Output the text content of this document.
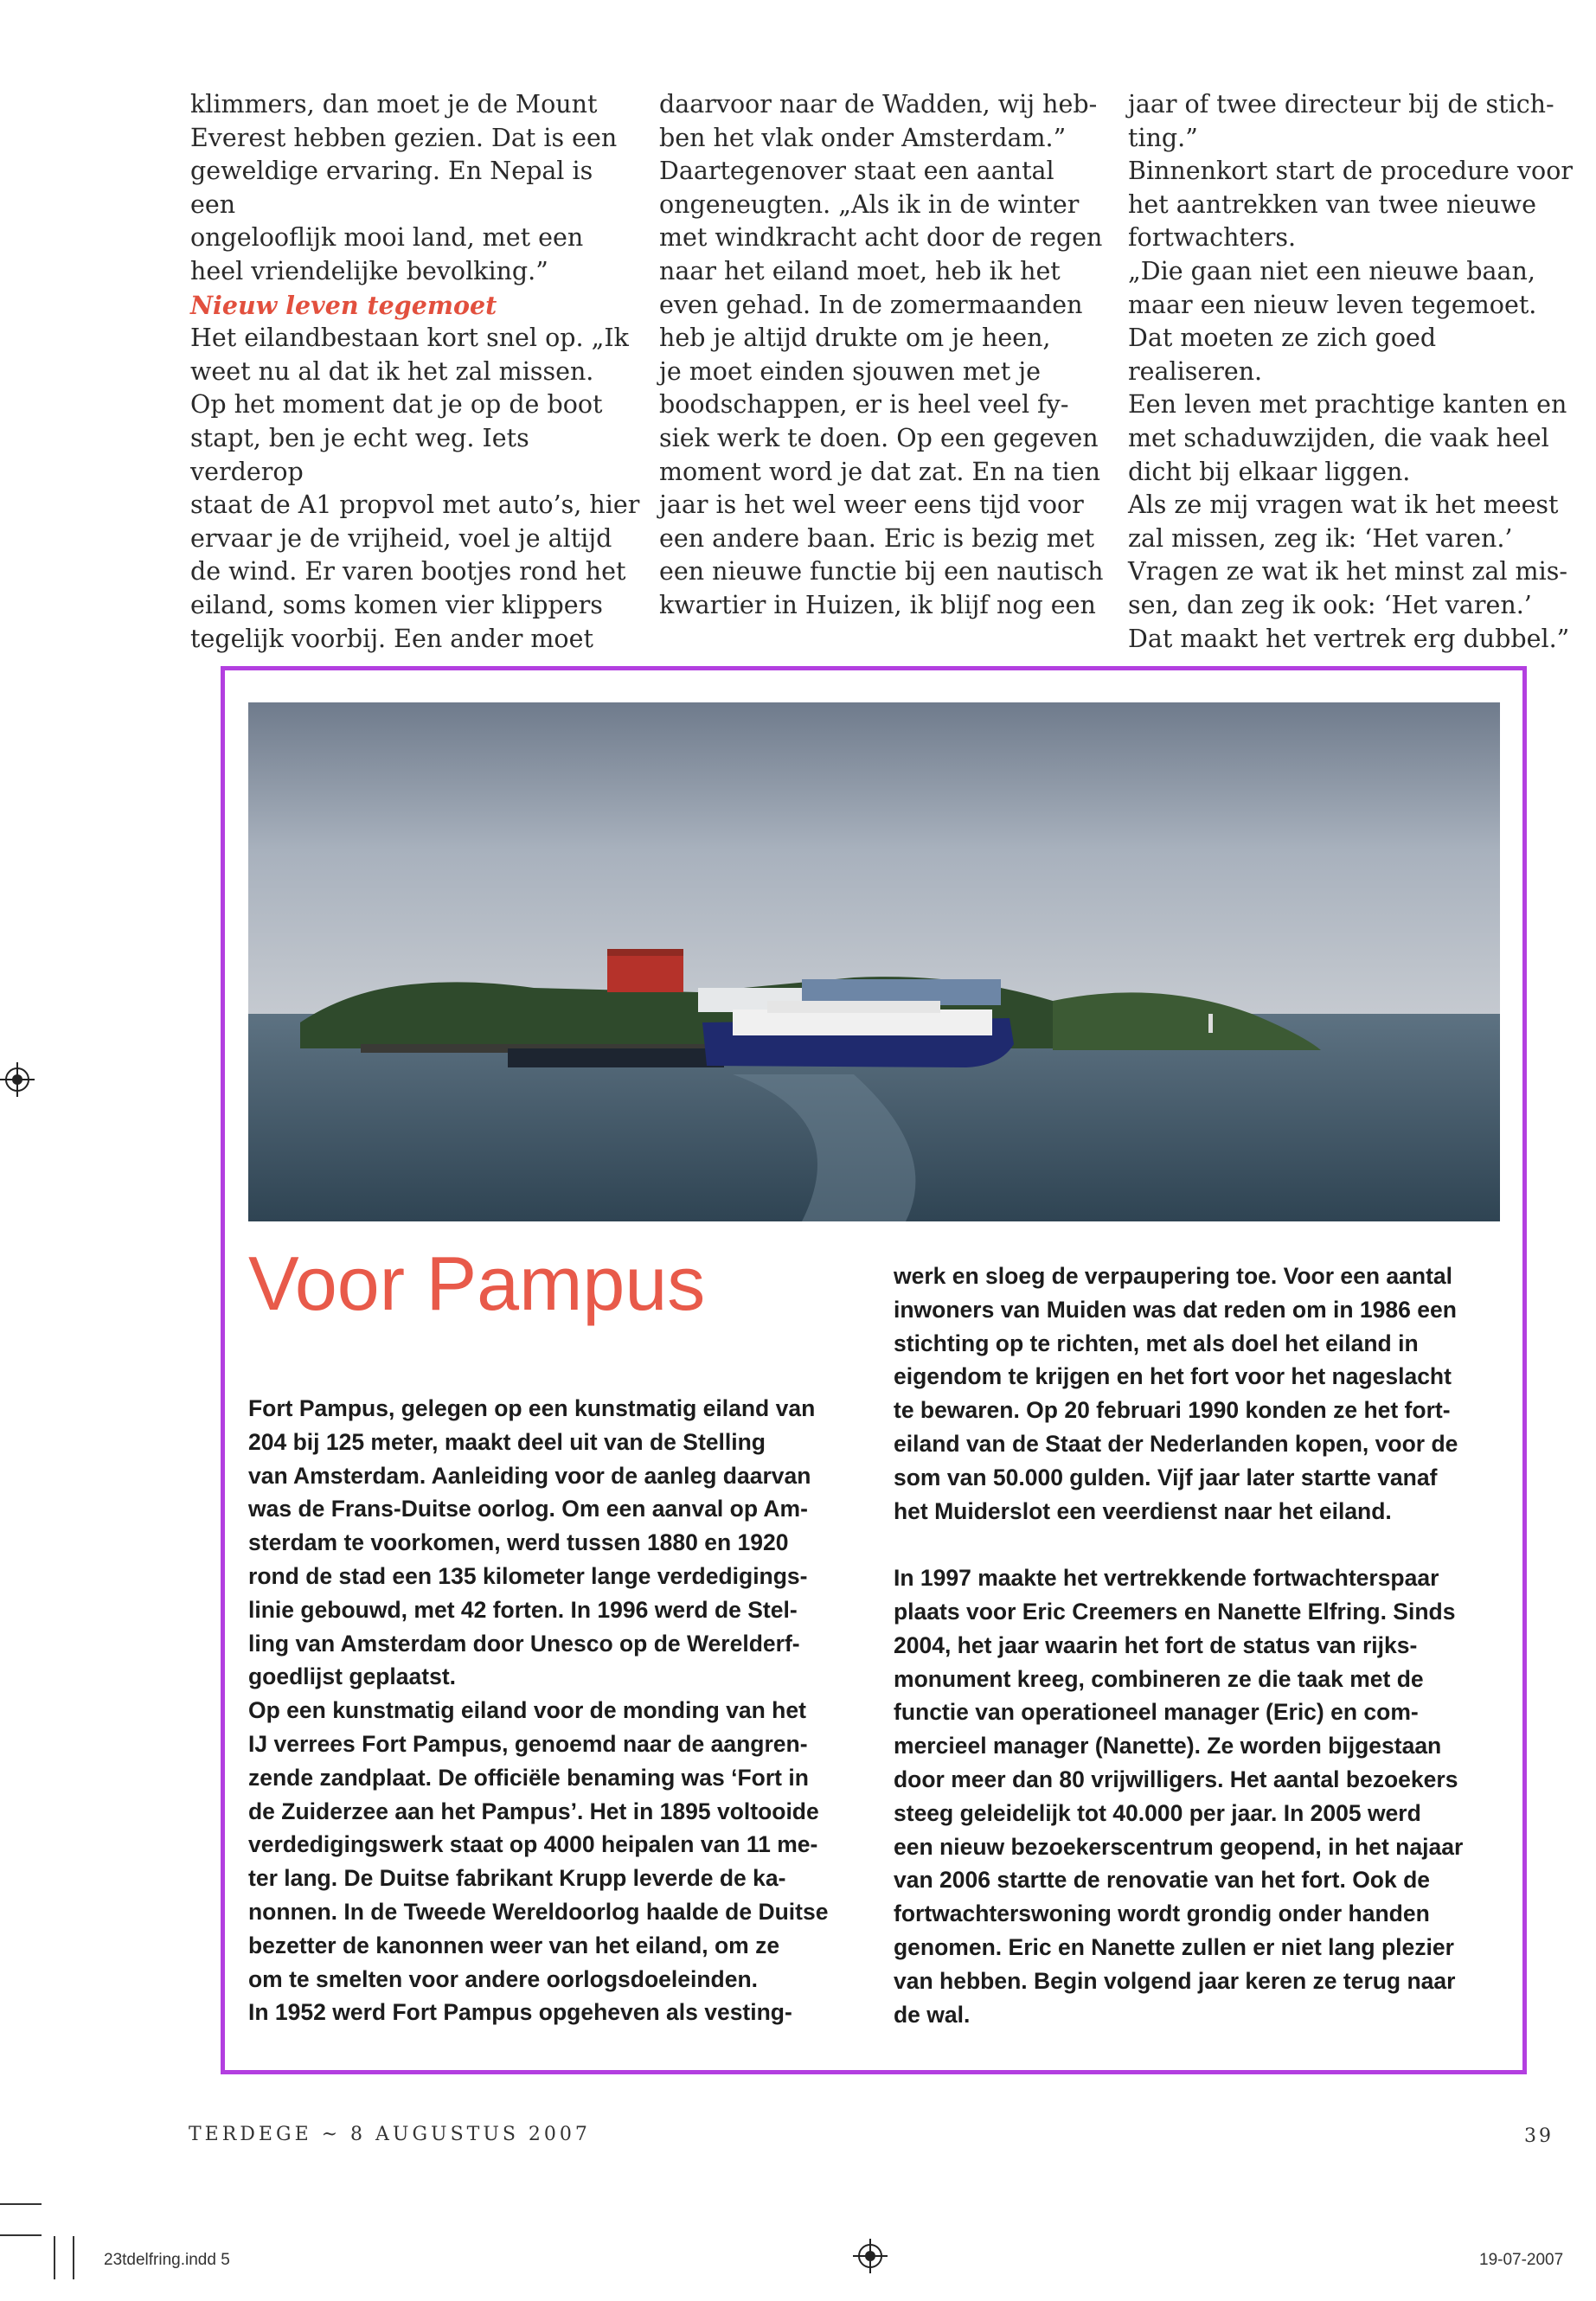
klimmers, dan moet je de Mount
Everest hebben gezien. Dat is een
geweldige ervaring. En Nepal is een
ongelooflijk mooi land, met een
heel vriendelijke bevolking.”

Nieuw leven tegemoet

Het eilandbestaan kort snel op. „Ik
weet nu al dat ik het zal missen.
Op het moment dat je op de boot
stapt, ben je echt weg. Iets verderop
staat de A1 propvol met auto’s, hier
ervaar je de vrijheid, voel je altijd
de wind. Er varen bootjes rond het
eiland, soms komen vier klippers
tegelijk voorbij. Een ander moet

daarvoor naar de Wadden, wij heb-
ben het vlak onder Amsterdam.”
Daartegenover staat een aantal
ongeneugten. „Als ik in de winter
met windkracht acht door de regen
naar het eiland moet, heb ik het
even gehad. In de zomermaanden
heb je altijd drukte om je heen,
je moet einden sjouwen met je
boodschappen, er is heel veel fy-
siek werk te doen. Op een gegeven
moment word je dat zat. En na tien
jaar is het wel weer eens tijd voor
een andere baan. Eric is bezig met
een nieuwe functie bij een nautisch
kwartier in Huizen, ik blijf nog een

jaar of twee directeur bij de stich-
ting.”
Binnenkort start de procedure voor
het aantrekken van twee nieuwe
fortwachters.
„Die gaan niet een nieuwe baan,
maar een nieuw leven tegemoet.
Dat moeten ze zich goed realiseren.
Een leven met prachtige kanten en
met schaduwzijden, die vaak heel
dicht bij elkaar liggen.
Als ze mij vragen wat ik het meest
zal missen, zeg ik: ‘Het varen.’
Vragen ze wat ik het minst zal mis-
sen, dan zeg ik ook: ‘Het varen.’
Dat maakt het vertrek erg dubbel.”

Voor Pampus

Fort Pampus, gelegen op een kunstmatig eiland van
204 bij 125 meter, maakt deel uit van de Stelling
van Amsterdam. Aanleiding voor de aanleg daarvan
was de Frans-Duitse oorlog. Om een aanval op Am-
sterdam te voorkomen, werd tussen 1880 en 1920
rond de stad een 135 kilometer lange verdedigings-
linie gebouwd, met 42 forten. In 1996 werd de Stel-
ling van Amsterdam door Unesco op de Werelderf-
goedlijst geplaatst.
Op een kunstmatig eiland voor de monding van het
IJ verrees Fort Pampus, genoemd naar de aangren-
zende zandplaat. De officiële benaming was ‘Fort in
de Zuiderzee aan het Pampus’. Het in 1895 voltooide
verdedigingswerk staat op 4000 heipalen van 11 me-
ter lang. De Duitse fabrikant Krupp leverde de ka-
nonnen. In de Tweede Wereldoorlog haalde de Duitse
bezetter de kanonnen weer van het eiland, om ze
om te smelten voor andere oorlogsdoeleinden.
In 1952 werd Fort Pampus opgeheven als vesting-

werk en sloeg de verpaupering toe. Voor een aantal
inwoners van Muiden was dat reden om in 1986 een
stichting op te richten, met als doel het eiland in
eigendom te krijgen en het fort voor het nageslacht
te bewaren. Op 20 februari 1990 konden ze het fort-
eiland van de Staat der Nederlanden kopen, voor de
som van 50.000 gulden. Vijf jaar later startte vanaf
het Muiderslot een veerdienst naar het eiland.

In 1997 maakte het vertrekkende fortwachterspaar
plaats voor Eric Creemers en Nanette Elfring. Sinds
2004, het jaar waarin het fort de status van rijks-
monument kreeg, combineren ze die taak met de
functie van operationeel manager (Eric) en com-
mercieel manager (Nanette). Ze worden bijgestaan
door meer dan 80 vrijwilligers. Het aantal bezoekers
steeg geleidelijk tot 40.000 per jaar. In 2005 werd
een nieuw bezoekerscentrum geopend, in het najaar
van 2006 startte de renovatie van het fort. Ook de
fortwachterswoning wordt grondig onder handen
genomen. Eric en Nanette zullen er niet lang plezier
van hebben. Begin volgend jaar keren ze terug naar
de wal.

TERDEGE ~ 8 AUGUSTUS 2007	39
23tdelfring.indd 5	19-07-2007
